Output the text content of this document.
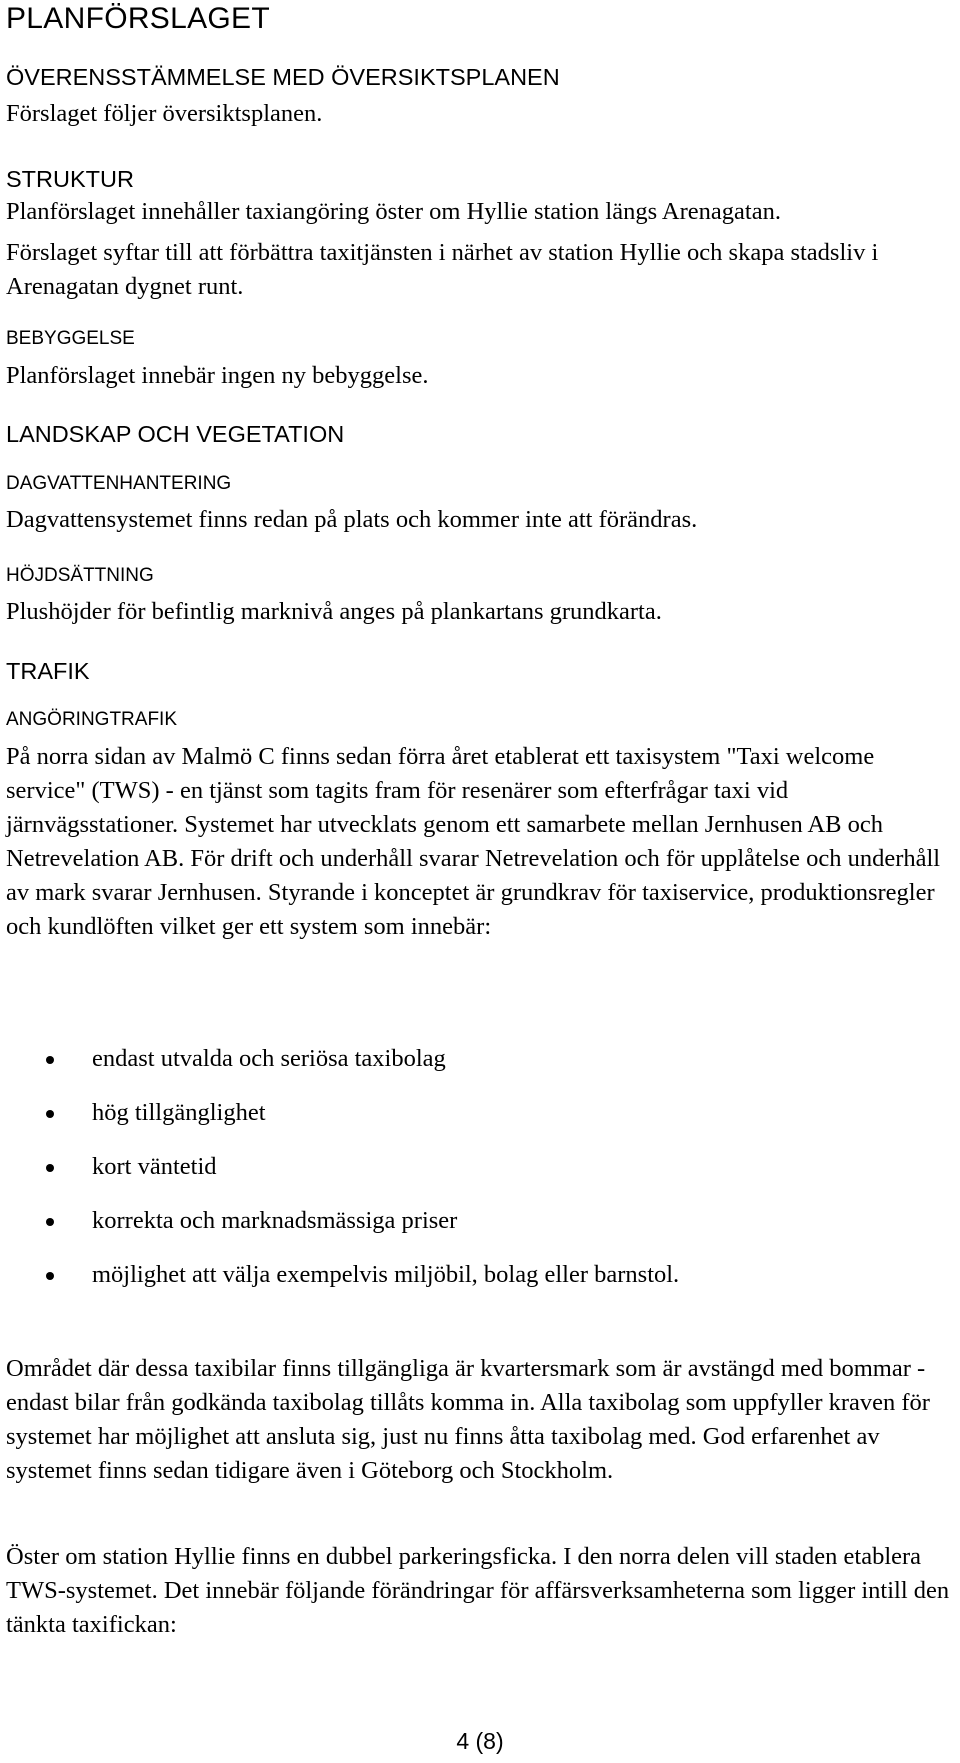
PLANFÖRSLAGET
ÖVERENSSTÄMMELSE MED ÖVERSIKTSPLANEN

Förslaget följer översiktsplanen.

STRUKTUR

Planförslaget innehåller taxiangöring öster om Hyllie station längs Arenagatan.

Förslaget syftar till att förbättra taxitjänsten i närhet av station Hyllie och skapa stadsliv i Arenagatan dygnet runt.

BEBYGGELSE

Planförslaget innebär ingen ny bebyggelse.

LANDSKAP OCH VEGETATION
DAGVATTENHANTERING

Dagvattensystemet finns redan på plats och kommer inte att förändras.

HÖJDSÄTTNING

Plushöjder för befintlig marknivå anges på plankartans grundkarta.

TRAFIK
ANGÖRINGTRAFIK

På norra sidan av Malmö C finns sedan förra året etablerat ett taxisystem "Taxi welcome service" (TWS) - en tjänst som tagits fram för resenärer som efterfrågar taxi vid järnvägsstationer. Systemet har utvecklats genom ett samarbete mellan Jernhusen AB och Netrevelation AB. För drift och underhåll svarar Netrevelation och för upplåtelse och underhåll av mark svarar Jernhusen. Styrande i konceptet är grundkrav för taxiservice, produktionsregler och kundlöften vilket ger ett system som innebär:

endast utvalda och seriösa taxibolag
hög tillgänglighet
kort väntetid
korrekta och marknadsmässiga priser
möjlighet att välja exempelvis miljöbil, bolag eller barnstol.

Området där dessa taxibilar finns tillgängliga är kvartersmark som är avstängd med bommar - endast bilar från godkända taxibolag tillåts komma in. Alla taxibolag som uppfyller kraven för systemet har möjlighet att ansluta sig, just nu finns åtta taxibolag med. God erfarenhet av systemet finns sedan tidigare även i Göteborg och Stockholm.

Öster om station Hyllie finns en dubbel parkeringsficka. I den norra delen vill staden etablera TWS-systemet. Det innebär följande förändringar för affärsverksamheterna som ligger intill den tänkta taxifickan:

4 (8)
